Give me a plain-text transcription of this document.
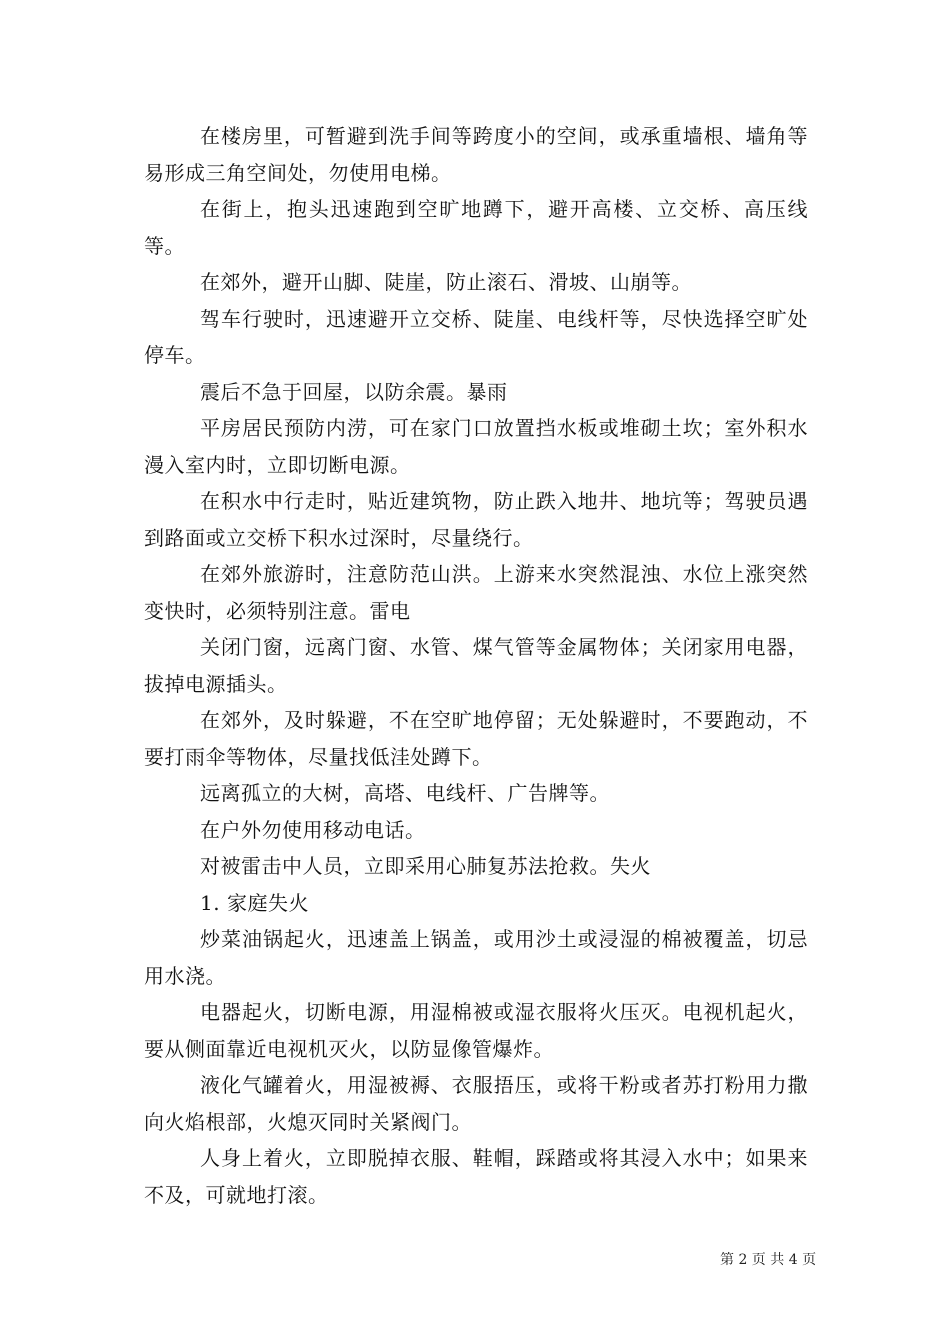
在楼房里，可暂避到洗手间等跨度小的空间，或承重墙根、墙角等易形成三角空间处，勿使用电梯。

在街上，抱头迅速跑到空旷地蹲下，避开高楼、立交桥、高压线等。

在郊外，避开山脚、陡崖，防止滚石、滑坡、山崩等。

驾车行驶时，迅速避开立交桥、陡崖、电线杆等，尽快选择空旷处停车。

震后不急于回屋，以防余震。暴雨

平房居民预防内涝，可在家门口放置挡水板或堆砌土坎；室外积水漫入室内时，立即切断电源。

在积水中行走时，贴近建筑物，防止跌入地井、地坑等；驾驶员遇到路面或立交桥下积水过深时，尽量绕行。

在郊外旅游时，注意防范山洪。上游来水突然混浊、水位上涨突然变快时，必须特别注意。雷电

关闭门窗，远离门窗、水管、煤气管等金属物体；关闭家用电器，拔掉电源插头。

在郊外，及时躲避，不在空旷地停留；无处躲避时，不要跑动，不要打雨伞等物体，尽量找低洼处蹲下。

远离孤立的大树，高塔、电线杆、广告牌等。

在户外勿使用移动电话。

对被雷击中人员，立即采用心肺复苏法抢救。失火

1. 家庭失火

炒菜油锅起火，迅速盖上锅盖，或用沙土或浸湿的棉被覆盖，切忌用水浇。

电器起火，切断电源，用湿棉被或湿衣服将火压灭。电视机起火，要从侧面靠近电视机灭火，以防显像管爆炸。

液化气罐着火，用湿被褥、衣服捂压，或将干粉或者苏打粉用力撒向火焰根部，火熄灭同时关紧阀门。

人身上着火，立即脱掉衣服、鞋帽，踩踏或将其浸入水中；如果来不及，可就地打滚。

第 2 页 共 4 页
